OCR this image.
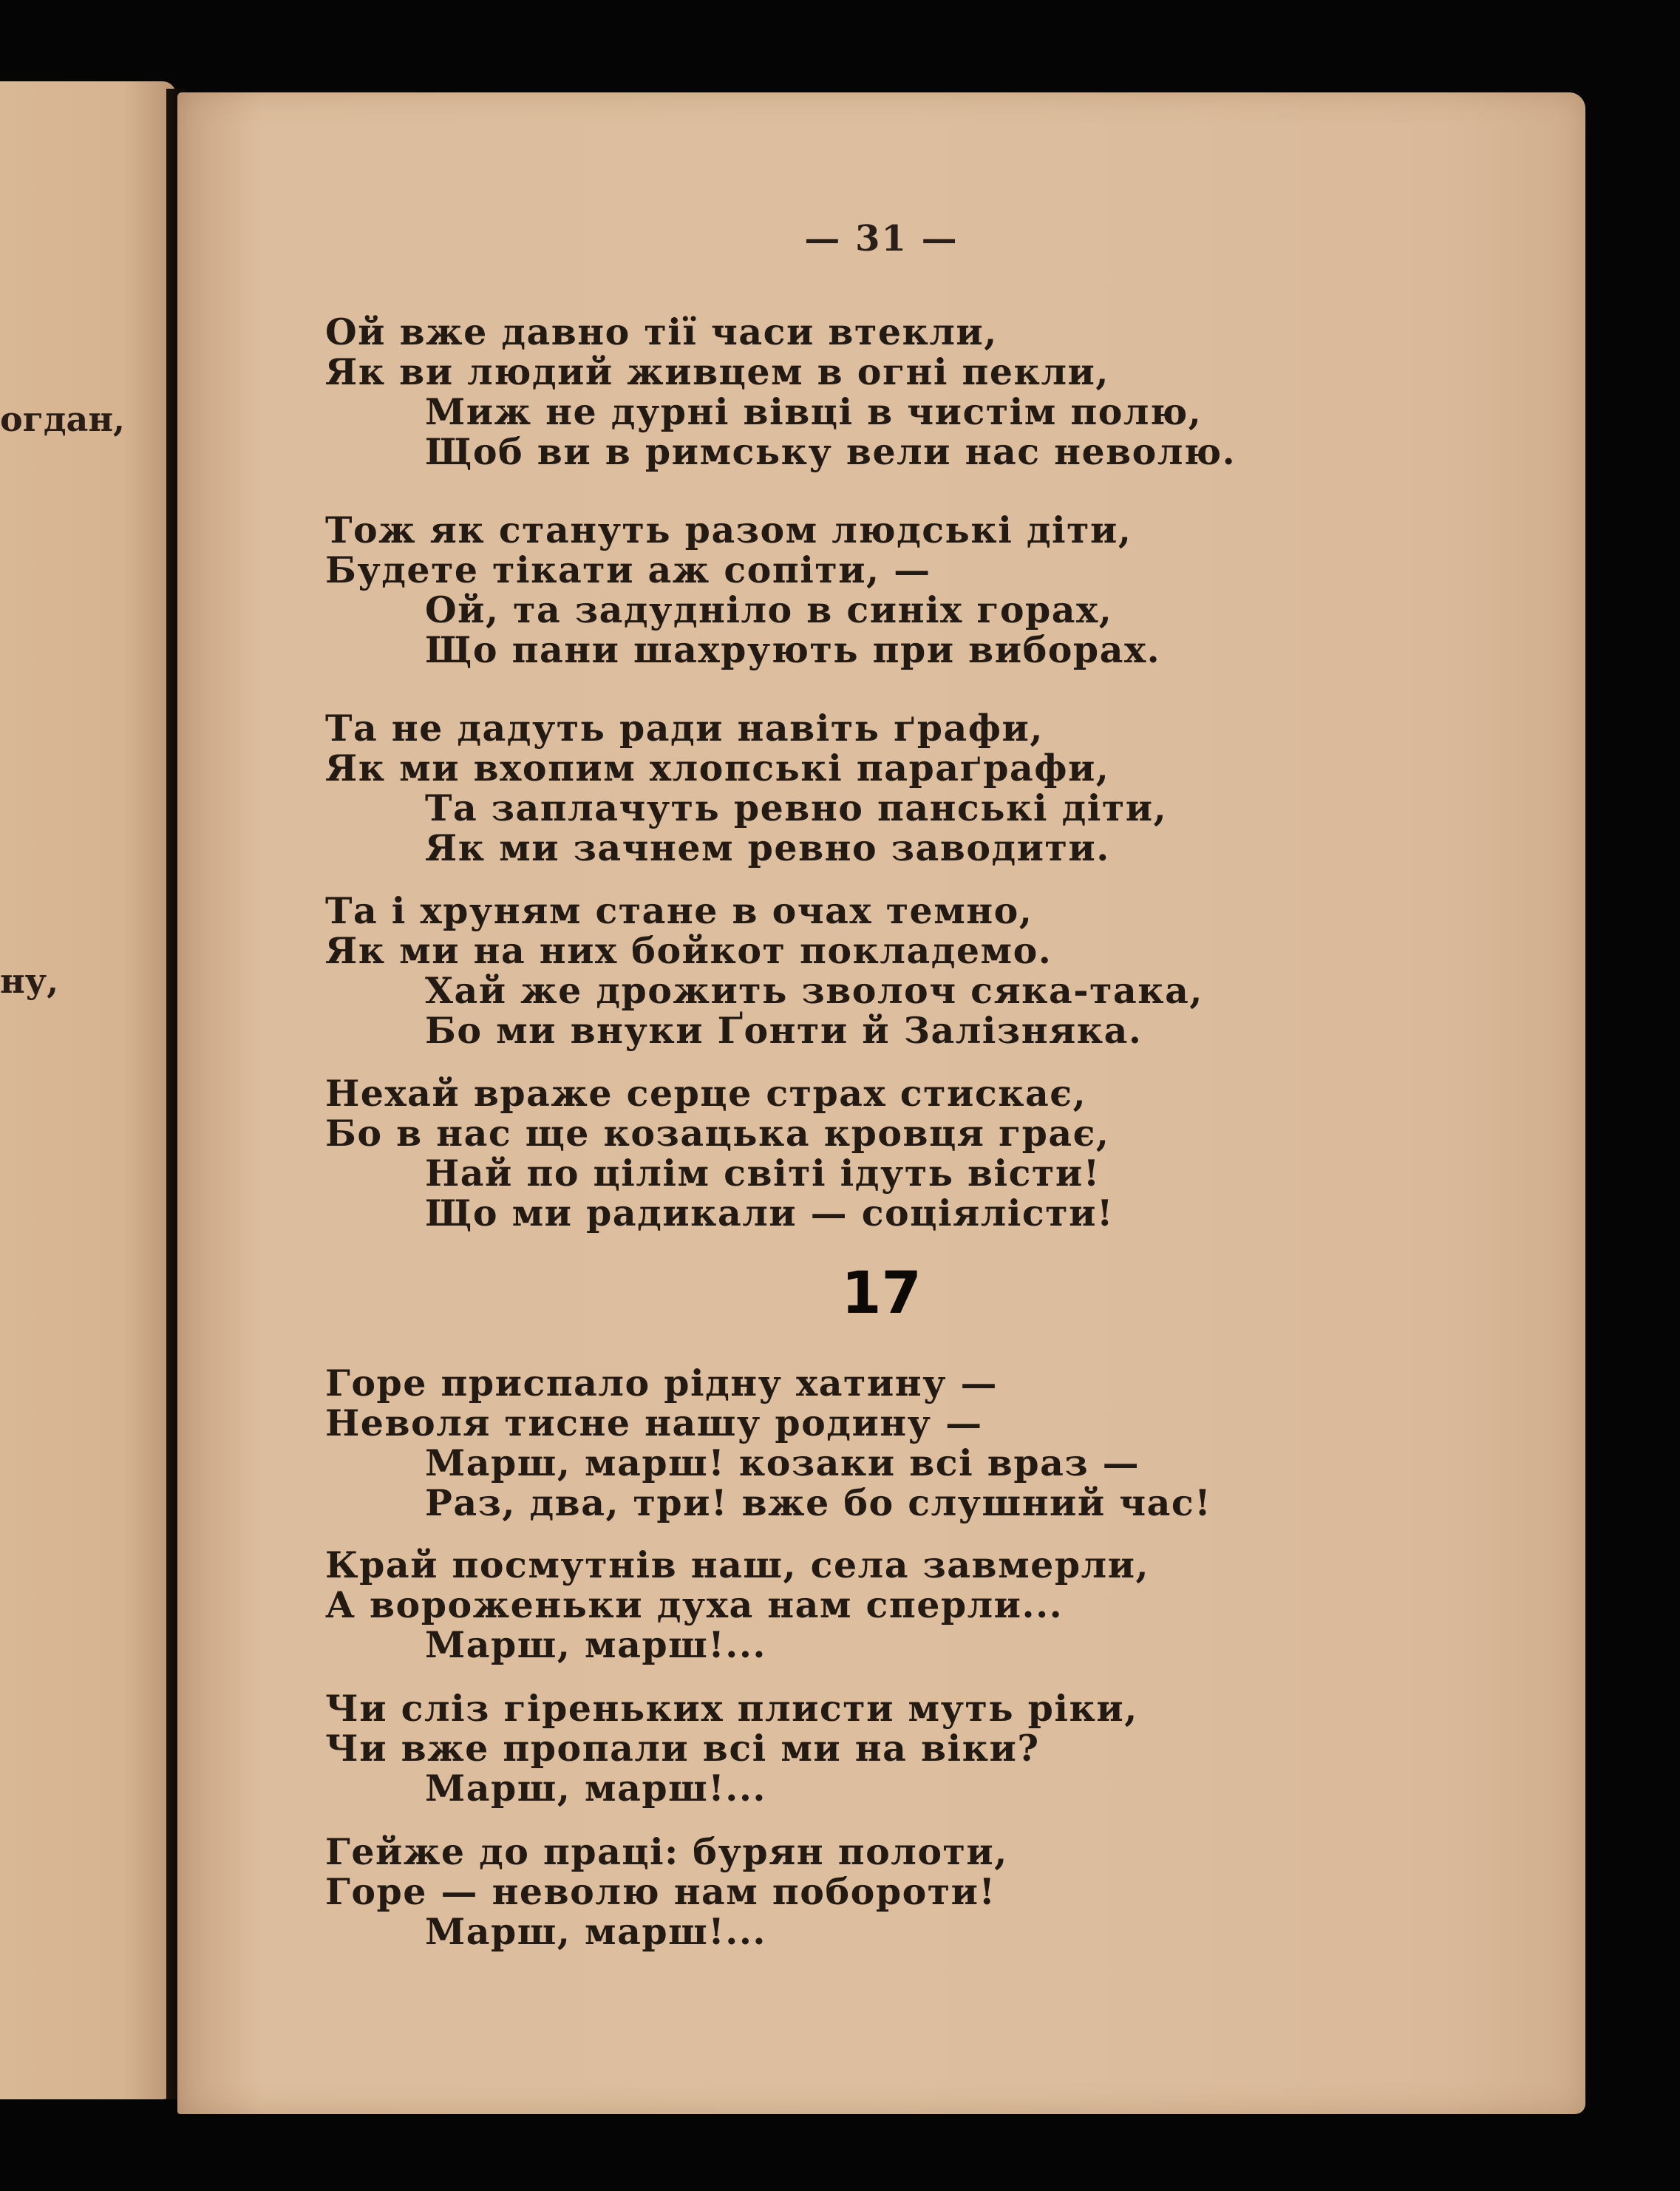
огдан,
ну,
— 31 —
Ой вже давно тії часи втекли,
Як ви людий живцем в огні пекли,
Миж не дурні вівці в чистім полю,
Щоб ви в римську вели нас неволю.
Тож як стануть разом людські діти,
Будете тікати аж сопіти, —
Ой, та задудніло в синіх горах,
Що пани шахрують при виборах.
Та не дадуть ради навіть ґрафи,
Як ми вхопим хлопські параґрафи,
Та заплачуть ревно панські діти,
Як ми зачнем ревно заводити.
Та і хруням стане в очах темно,
Як ми на них бойкот покладемо.
Хай же дрожить зволоч сяка-така,
Бо ми внуки Ґонти й Залізняка.
Нехай враже серце страх стискає,
Бо в нас ще козацька кровця грає,
Най по цілім світі ідуть вісти!
Що ми радикали — соціялісти!
17
Горе приспало рідну хатину —
Неволя тисне нашу родину —
Марш, марш! козаки всі враз —
Раз, два, три! вже бо слушний час!
Край посмутнів наш, села завмерли,
А вороженьки духа нам сперли...
Марш, марш!...
Чи сліз гіреньких плисти муть ріки,
Чи вже пропали всі ми на віки?
Марш, марш!...
Гейже до праці: бурян полоти,
Горе — неволю нам побороти!
Марш, марш!...
